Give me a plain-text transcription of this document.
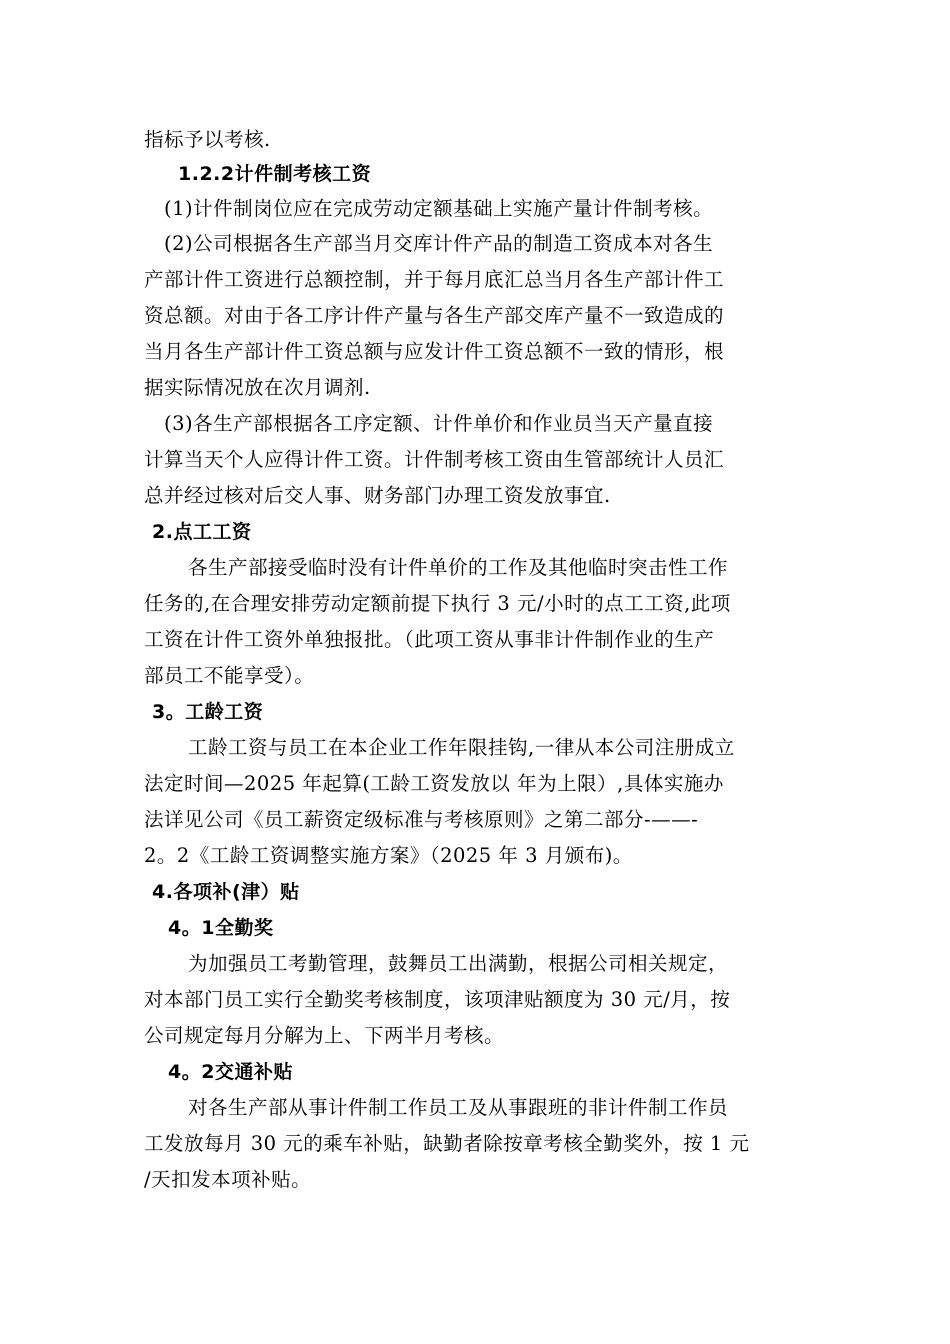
指标予以考核.
1.2.2计件制考核工资
(1)计件制岗位应在完成劳动定额基础上实施产量计件制考核。
(2)公司根据各生产部当月交库计件产品的制造工资成本对各生
产部计件工资进行总额控制，并于每月底汇总当月各生产部计件工
资总额。对由于各工序计件产量与各生产部交库产量不一致造成的
当月各生产部计件工资总额与应发计件工资总额不一致的情形，根
据实际情况放在次月调剂.
(3)各生产部根据各工序定额、计件单价和作业员当天产量直接
计算当天个人应得计件工资。计件制考核工资由生管部统计人员汇
总并经过核对后交人事、财务部门办理工资发放事宜.
2.点工工资
各生产部接受临时没有计件单价的工作及其他临时突击性工作
任务的,在合理安排劳动定额前提下执行 3 元/小时的点工工资,此项
工资在计件工资外单独报批。（此项工资从事非计件制作业的生产
部员工不能享受）。
3。工龄工资
工龄工资与员工在本企业工作年限挂钩,一律从本公司注册成立
法定时间—2025 年起算(工龄工资发放以 年为上限）,具体实施办
法详见公司《员工薪资定级标准与考核原则》之第二部分-——-
2。2《工龄工资调整实施方案》（2025 年 3 月颁布)。
4.各项补(津）贴
4。1全勤奖
为加强员工考勤管理，鼓舞员工出满勤，根据公司相关规定，
对本部门员工实行全勤奖考核制度，该项津贴额度为 30 元/月，按
公司规定每月分解为上、下两半月考核。
4。2交通补贴
对各生产部从事计件制工作员工及从事跟班的非计件制工作员
工发放每月 30 元的乘车补贴，缺勤者除按章考核全勤奖外，按 1 元
/天扣发本项补贴。
